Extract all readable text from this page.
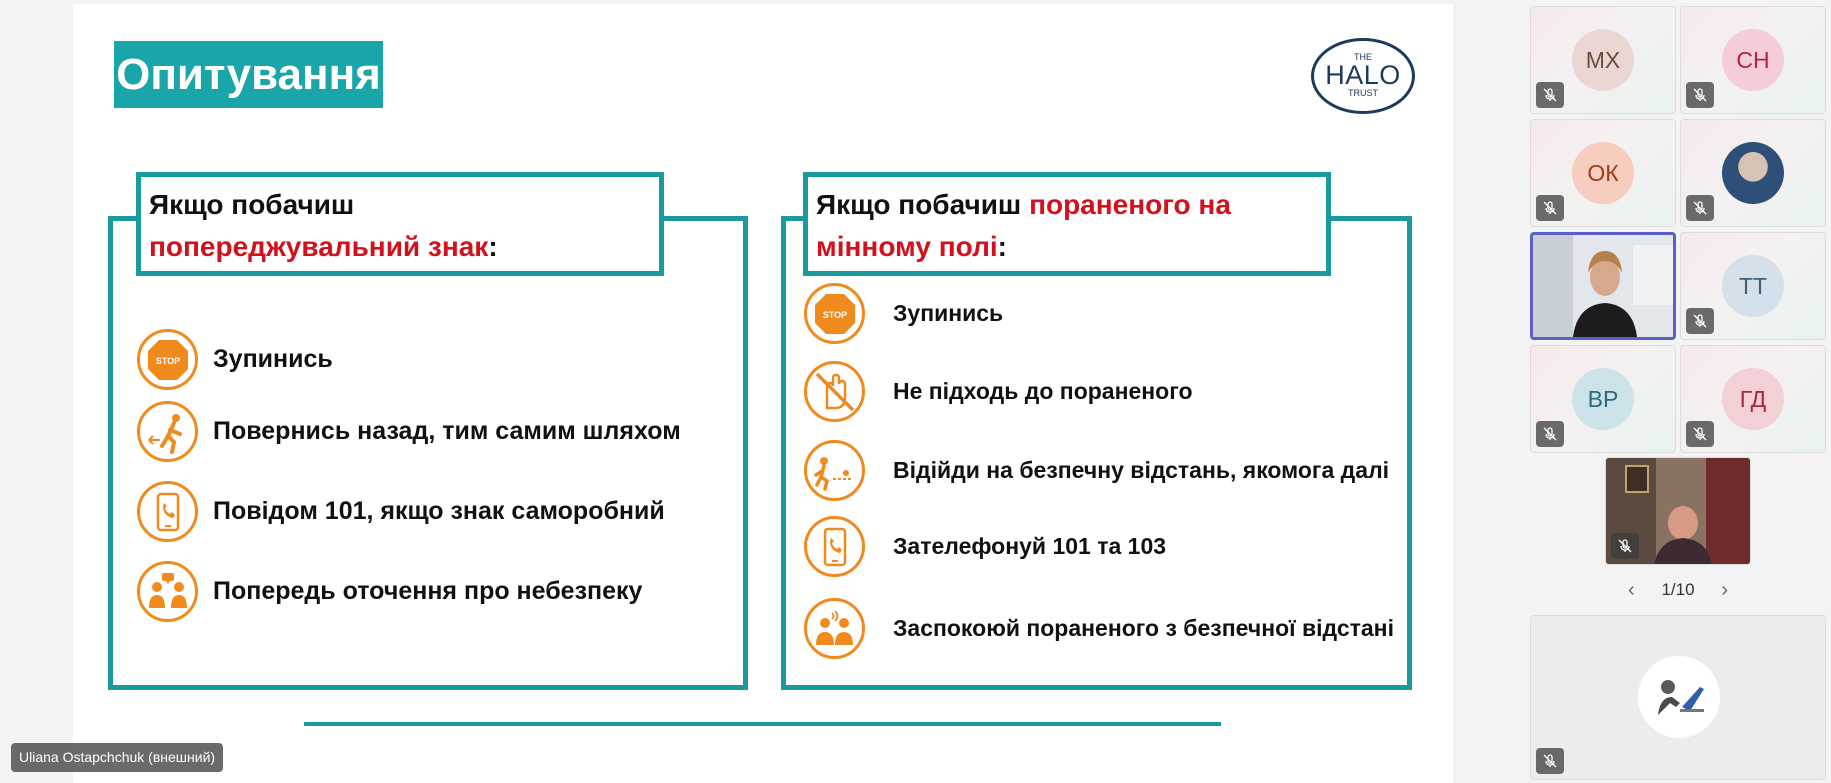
Опитування	THE
HALO
TRUST
Якщо побачиш
попереджувальний знак:
STOP Зупинись
Повернись назад, тим самим шляхом
Повідом 101, якщо знак саморобний
Попередь оточення про небезпеку
Якщо побачиш пораненого на мінному полі:
STOP Зупинись
Не підходь до пораненого
Відійди на безпечну відстань, якомога далі
Зателефонуй 101 та 103
Заспокоюй пораненого з безпечної відстані
МХ	СН
ОК
ТТ
ВР	ГД
‹ 1/10 ›
Uliana Ostapchchuk (внешний)
